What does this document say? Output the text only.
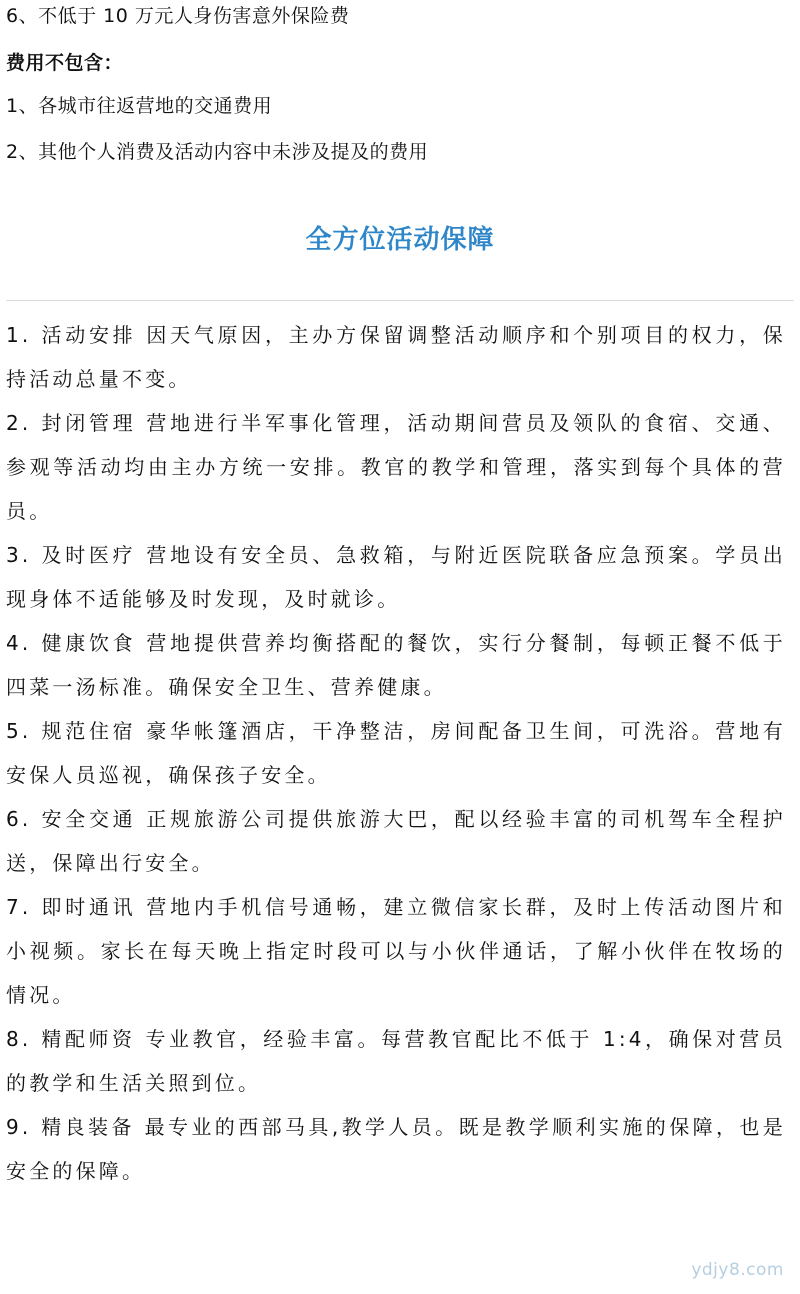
6、不低于 10 万元人身伤害意外保险费
费用不包含：
1、各城市往返营地的交通费用
2、其他个人消费及活动内容中未涉及提及的费用
全方位活动保障

1. 活动安排 因天气原因，主办方保留调整活动顺序和个别项目的权力，保持活动总量不变。

2. 封闭管理 营地进行半军事化管理，活动期间营员及领队的食宿、交通、参观等活动均由主办方统一安排。教官的教学和管理，落实到每个具体的营员。

3. 及时医疗 营地设有安全员、急救箱，与附近医院联备应急预案。学员出现身体不适能够及时发现，及时就诊。

4. 健康饮食 营地提供营养均衡搭配的餐饮，实行分餐制，每顿正餐不低于四菜一汤标准。确保安全卫生、营养健康。

5. 规范住宿 豪华帐篷酒店，干净整洁，房间配备卫生间，可洗浴。营地有安保人员巡视，确保孩子安全。

6. 安全交通 正规旅游公司提供旅游大巴，配以经验丰富的司机驾车全程护送，保障出行安全。

7. 即时通讯 营地内手机信号通畅，建立微信家长群，及时上传活动图片和小视频。家长在每天晚上指定时段可以与小伙伴通话，了解小伙伴在牧场的情况。

8. 精配师资 专业教官，经验丰富。每营教官配比不低于 1:4，确保对营员的教学和生活关照到位。

9. 精良装备 最专业的西部马具,教学人员。既是教学顺利实施的保障，也是安全的保障。

ydjy8.com
